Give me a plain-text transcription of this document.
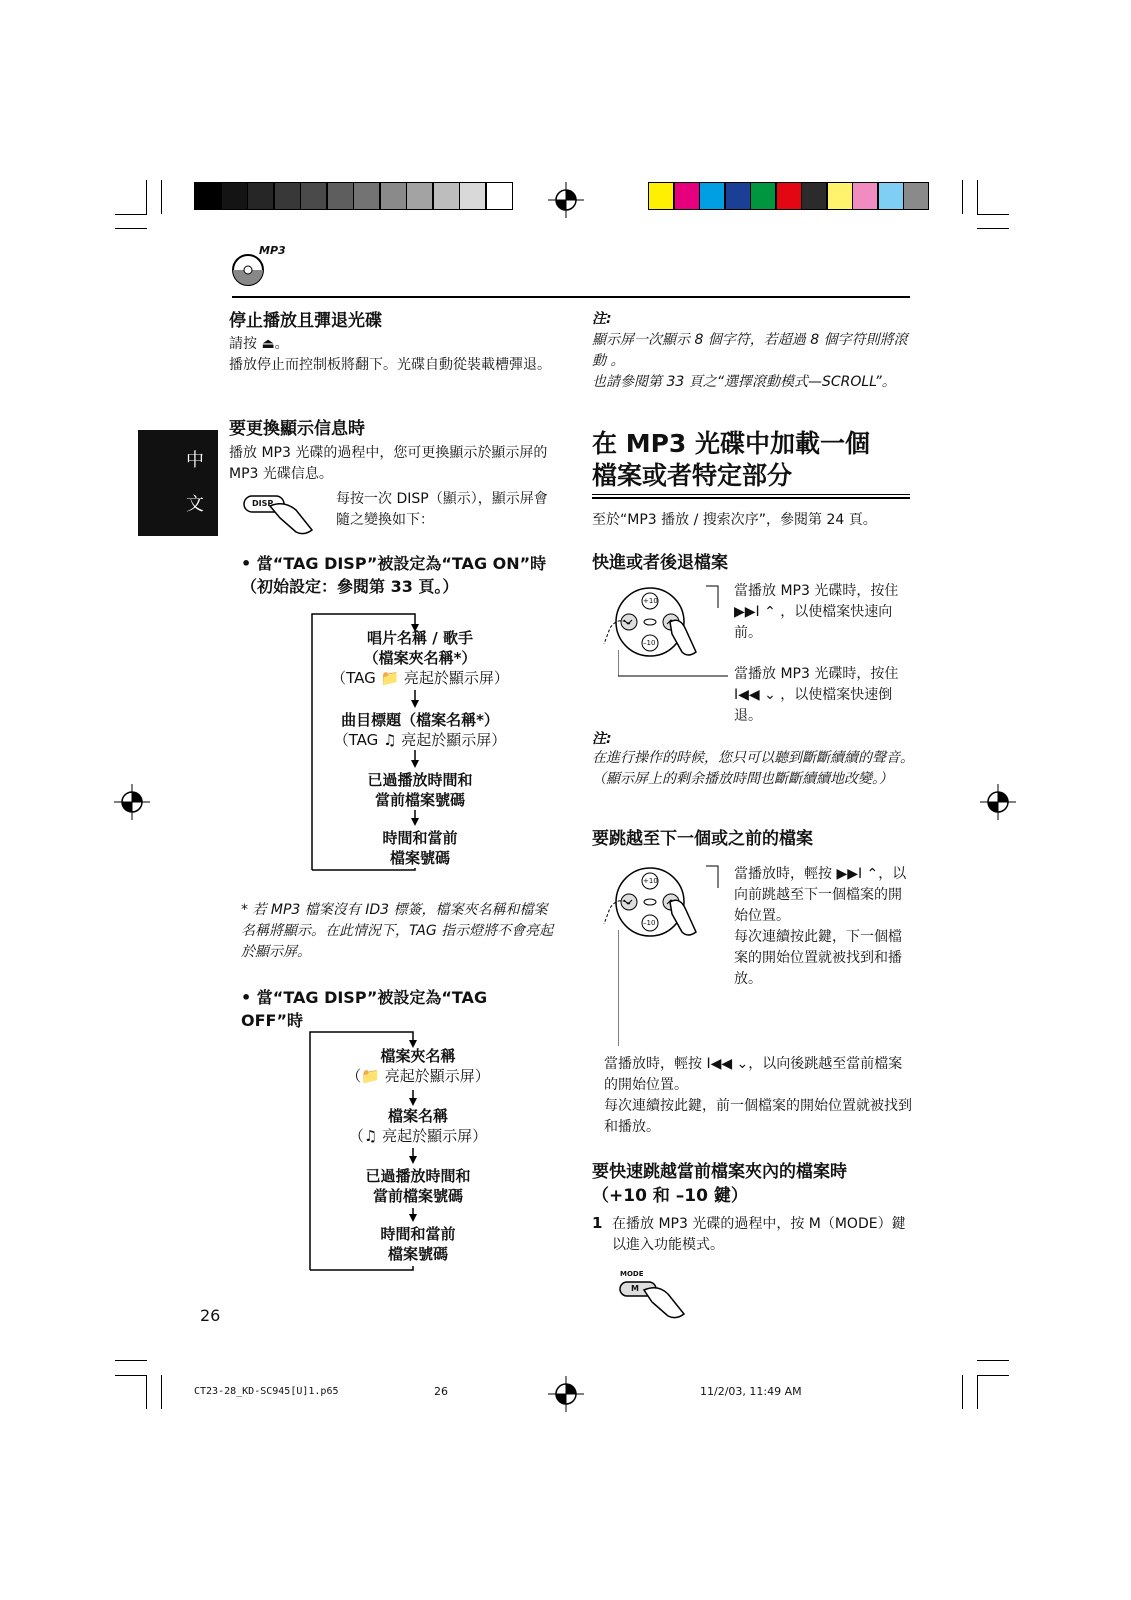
MP3
中
文
停止播放且彈退光碟
請按 ⏏。
播放停止而控制板將翻下。光碟自動從裝載槽彈退。
要更換顯示信息時
播放 MP3 光碟的過程中，您可更換顯示於顯示屏的 MP3 光碟信息。
DISP	每按一次 DISP（顯示），顯示屏會隨之變換如下：
• 當“TAG DISP”被設定為“TAG ON”時（初始設定：參閱第 33 頁。）
唱片名稱 / 歌手
（檔案夾名稱*）
（TAG 📁 亮起於顯示屏）
曲目標題（檔案名稱*）
（TAG ♫ 亮起於顯示屏）
已過播放時間和
當前檔案號碼
時間和當前
檔案號碼
* 若 MP3 檔案沒有 ID3 標簽，檔案夾名稱和檔案名稱將顯示。在此情況下，TAG 指示燈將不會亮起於顯示屏。
• 當“TAG DISP”被設定為“TAG OFF”時
檔案夾名稱
（📁 亮起於顯示屏）
檔案名稱
（♫ 亮起於顯示屏）
已過播放時間和
當前檔案號碼
時間和當前
檔案號碼
26
注:
顯示屏一次顯示 8 個字符，若超過 8 個字符則將滾動 。
也請參閱第 33 頁之“選擇滾動模式—SCROLL”。
在 MP3 光碟中加載一個檔案或者特定部分
至於“MP3 播放 / 搜索次序”，參閱第 24 頁。
快進或者後退檔案
+10
–10
當播放 MP3 光碟時，按住 ▶▶I ⌃ ，以使檔案快速向前。
當播放 MP3 光碟時，按住 I◀◀ ⌄ ，以使檔案快速倒退。
注:
在進行操作的時候，您只可以聽到斷斷續續的聲音。（顯示屏上的剩余播放時間也斷斷續續地改變。）
要跳越至下一個或之前的檔案
+10
–10
當播放時，輕按 ▶▶I ⌃，以向前跳越至下一個檔案的開始位置。
每次連續按此鍵，下一個檔案的開始位置就被找到和播放。
當播放時，輕按 I◀◀ ⌄，以向後跳越至當前檔案的開始位置。
每次連續按此鍵，前一個檔案的開始位置就被找到和播放。
要快速跳越當前檔案夾內的檔案時
（+10 和 –10 鍵）
1 在播放 MP3 光碟的過程中，按 M（MODE）鍵以進入功能模式。
MODE
M
CT23-28_KD-SC945[U]1.p65	26	11/2/03, 11:49 AM
